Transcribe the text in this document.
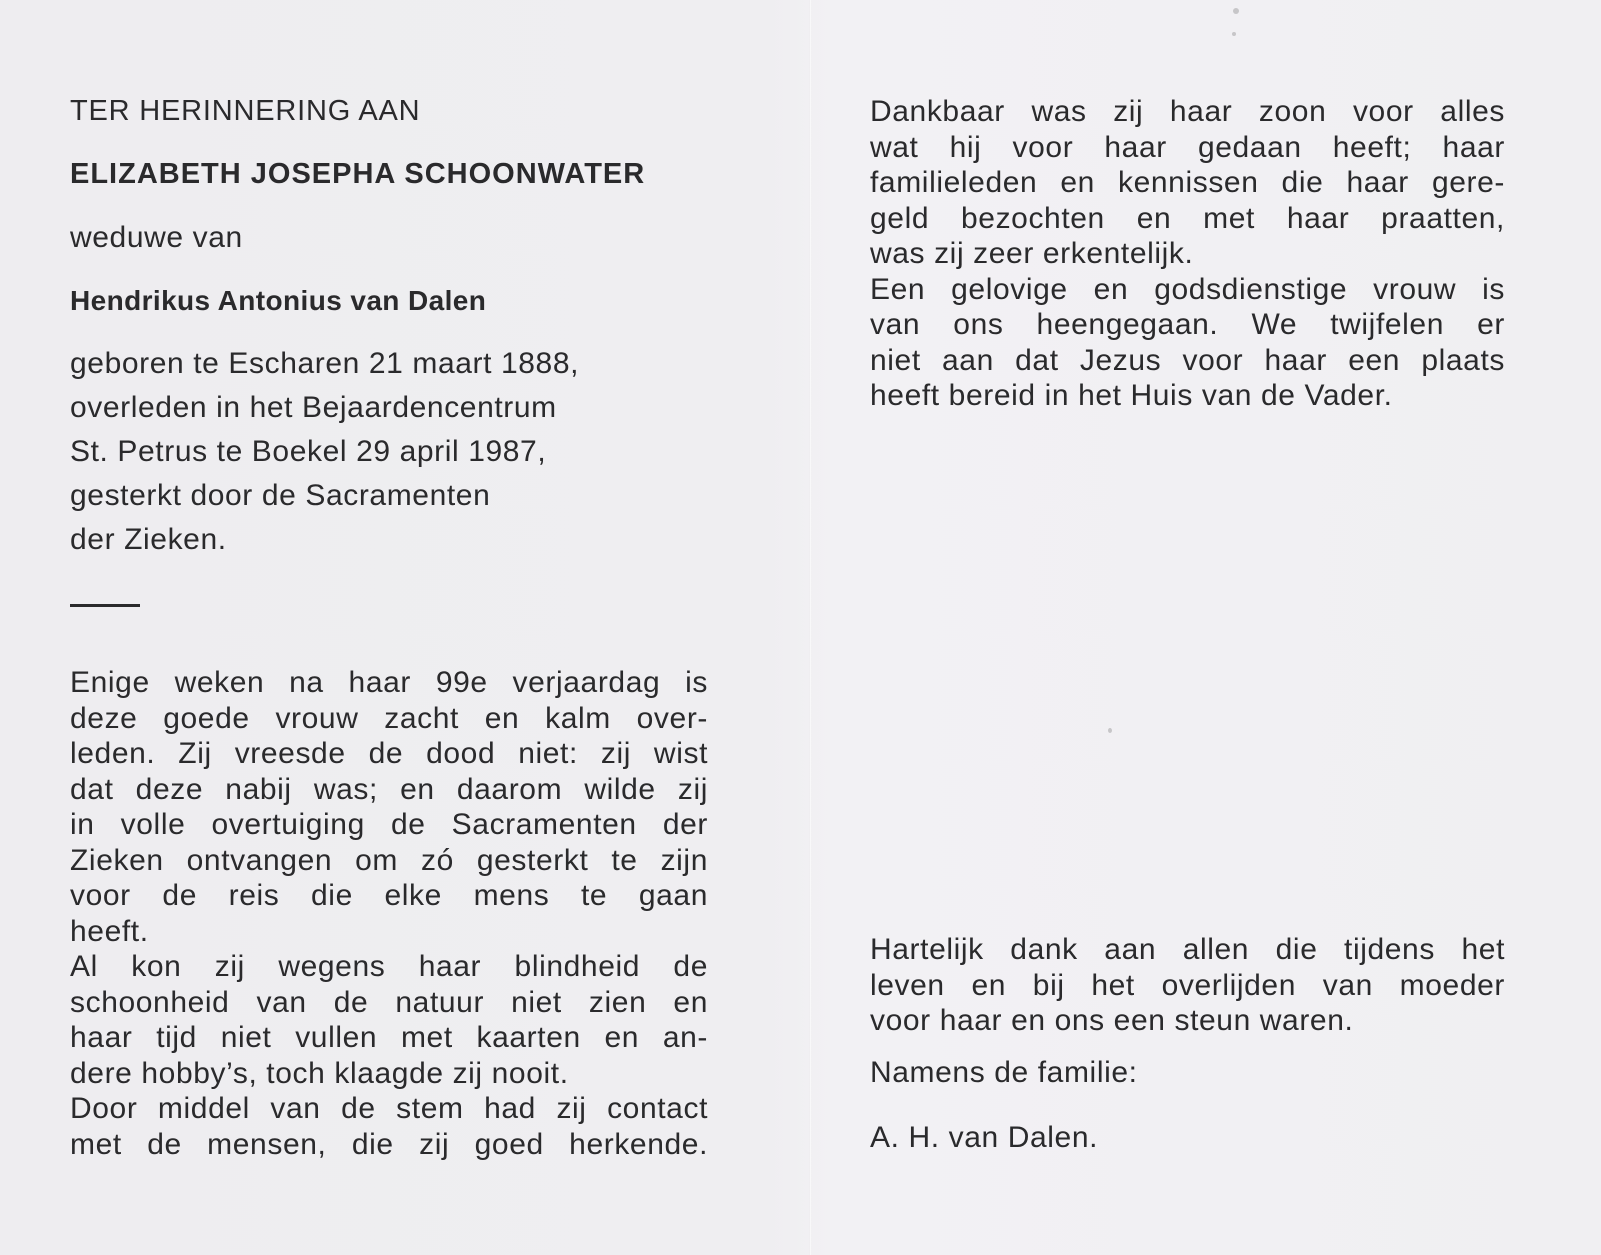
TER HERINNERING AAN
ELIZABETH JOSEPHA SCHOONWATER
weduwe van
Hendrikus Antonius van Dalen
geboren te Escharen 21 maart 1888,
overleden in het Bejaardencentrum
St. Petrus te Boekel 29 april 1987,
gesterkt door de Sacramenten
der Zieken.
Enige weken na haar 99e verjaardag is
deze goede vrouw zacht en kalm over-
leden. Zij vreesde de dood niet: zij wist
dat deze nabij was; en daarom wilde zij
in volle overtuiging de Sacramenten der
Zieken ontvangen om zó gesterkt te zijn
voor de reis die elke mens te gaan
heeft.
Al kon zij wegens haar blindheid de
schoonheid van de natuur niet zien en
haar tijd niet vullen met kaarten en an-
dere hobby’s, toch klaagde zij nooit.
Door middel van de stem had zij contact
met de mensen, die zij goed herkende.
Dankbaar was zij haar zoon voor alles
wat hij voor haar gedaan heeft; haar
familieleden en kennissen die haar gere-
geld bezochten en met haar praatten,
was zij zeer erkentelijk.
Een gelovige en godsdienstige vrouw is
van ons heengegaan. We twijfelen er
niet aan dat Jezus voor haar een plaats
heeft bereid in het Huis van de Vader.
Hartelijk dank aan allen die tijdens het
leven en bij het overlijden van moeder
voor haar en ons een steun waren.
Namens de familie:
A. H. van Dalen.
